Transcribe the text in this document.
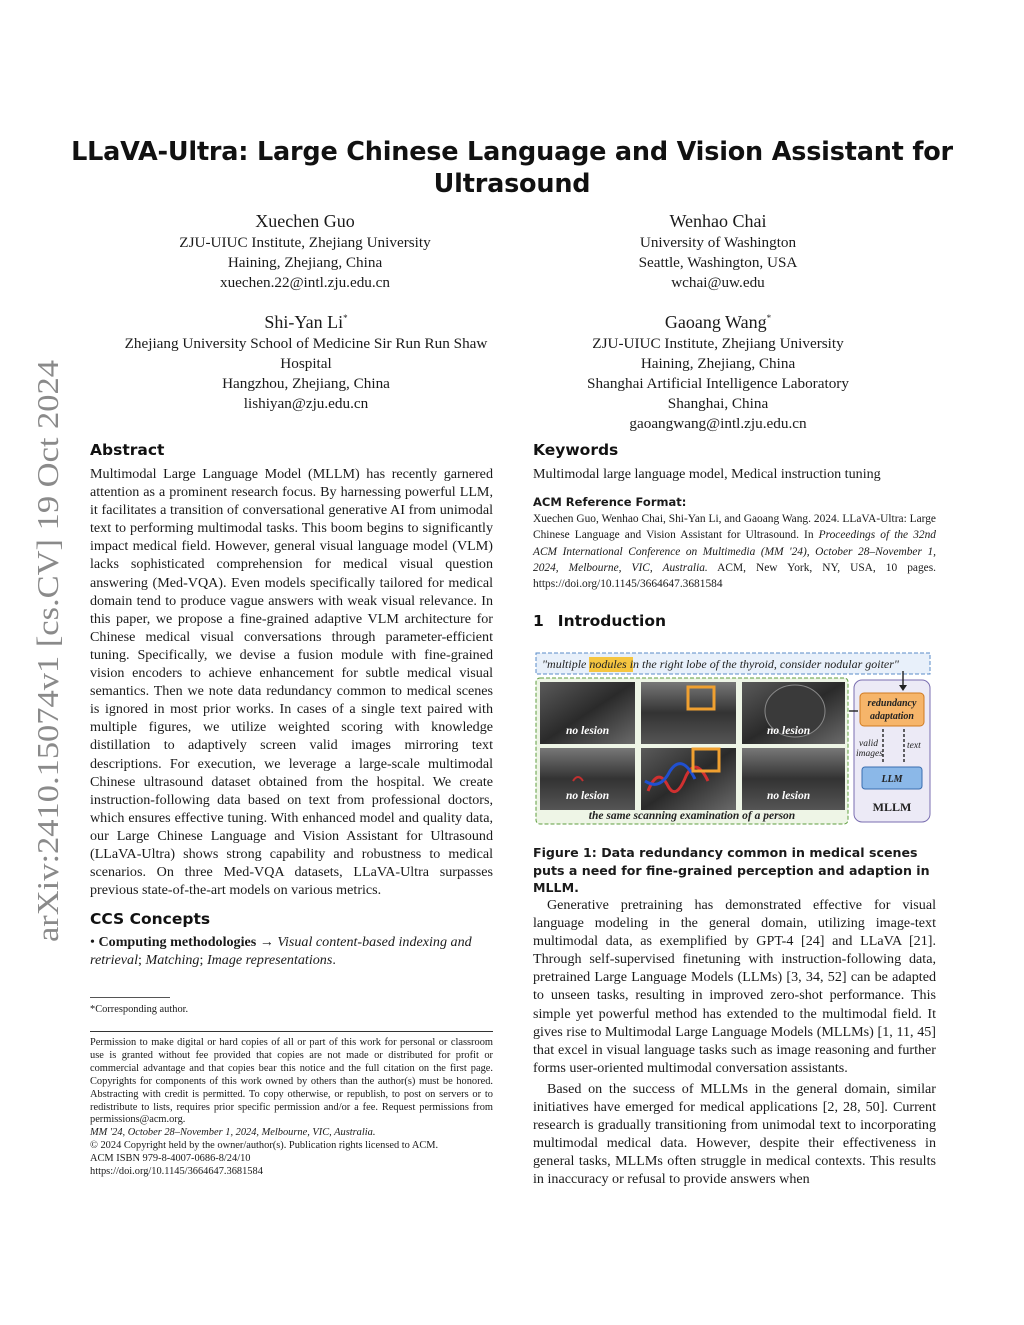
arXiv:2410.15074v1 [cs.CV] 19 Oct 2024
LLaVA-Ultra: Large Chinese Language and Vision Assistant for Ultrasound
Xuechen Guo
ZJU-UIUC Institute, Zhejiang University
Haining, Zhejiang, China
xuechen.22@intl.zju.edu.cn
Wenhao Chai
University of Washington
Seattle, Washington, USA
wchai@uw.edu
Shi-Yan Li*
Zhejiang University School of Medicine Sir Run Run Shaw
Hospital
Hangzhou, Zhejiang, China
lishiyan@zju.edu.cn
Gaoang Wang*
ZJU-UIUC Institute, Zhejiang University
Haining, Zhejiang, China
Shanghai Artificial Intelligence Laboratory
Shanghai, China
gaoangwang@intl.zju.edu.cn
Abstract
Multimodal Large Language Model (MLLM) has recently garnered attention as a prominent research focus. By harnessing powerful LLM, it facilitates a transition of conversational generative AI from unimodal text to performing multimodal tasks. This boom begins to significantly impact medical field. However, general visual language model (VLM) lacks sophisticated comprehension for medical visual question answering (Med-VQA). Even models specifically tailored for medical domain tend to produce vague answers with weak visual relevance. In this paper, we propose a fine-grained adaptive VLM architecture for Chinese medical visual conversations through parameter-efficient tuning. Specifically, we devise a fusion module with fine-grained vision encoders to achieve enhancement for subtle medical visual semantics. Then we note data redundancy common to medical scenes is ignored in most prior works. In cases of a single text paired with multiple figures, we utilize weighted scoring with knowledge distillation to adaptively screen valid images mirroring text descriptions. For execution, we leverage a large-scale multimodal Chinese ultrasound dataset obtained from the hospital. We create instruction-following data based on text from professional doctors, which ensures effective tuning. With enhanced model and quality data, our Large Chinese Language and Vision Assistant for Ultrasound (LLaVA-Ultra) shows strong capability and robustness to medical scenarios. On three Med-VQA datasets, LLaVA-Ultra surpasses previous state-of-the-art models on various metrics.
CCS Concepts
• Computing methodologies → Visual content-based indexing and retrieval; Matching; Image representations.
*Corresponding author.
Permission to make digital or hard copies of all or part of this work for personal or classroom use is granted without fee provided that copies are not made or distributed for profit or commercial advantage and that copies bear this notice and the full citation on the first page. Copyrights for components of this work owned by others than the author(s) must be honored. Abstracting with credit is permitted. To copy otherwise, or republish, to post on servers or to redistribute to lists, requires prior specific permission and/or a fee. Request permissions from permissions@acm.org.
MM '24, October 28–November 1, 2024, Melbourne, VIC, Australia.
© 2024 Copyright held by the owner/author(s). Publication rights licensed to ACM.
ACM ISBN 979-8-4007-0686-8/24/10
https://doi.org/10.1145/3664647.3681584
Keywords
Multimodal large language model, Medical instruction tuning
ACM Reference Format:
Xuechen Guo, Wenhao Chai, Shi-Yan Li, and Gaoang Wang. 2024. LLaVA-Ultra: Large Chinese Language and Vision Assistant for Ultrasound. In Proceedings of the 32nd ACM International Conference on Multimedia (MM '24), October 28–November 1, 2024, Melbourne, VIC, Australia. ACM, New York, NY, USA, 10 pages. https://doi.org/10.1145/3664647.3681584
1 Introduction
"multiple nodules in the right lobe of the thyroid, consider nodular goiter"
no lesion	no lesion
no lesion	no lesion
the same scanning examination of a person
redundancy
adaptation
valid
images
text
LLM
MLLM
Figure 1: Data redundancy common in medical scenes puts a need for fine-grained perception and adaption in MLLM.
Generative pretraining has demonstrated effective for visual language modeling in the general domain, utilizing image-text multimodal data, as exemplified by GPT-4 [24] and LLaVA [21]. Through self-supervised finetuning with instruction-following data, pretrained Large Language Models (LLMs) [3, 34, 52] can be adapted to unseen tasks, resulting in improved zero-shot performance. This simple yet powerful method has extended to the multimodal field. It gives rise to Multimodal Large Language Models (MLLMs) [1, 11, 45] that excel in visual language tasks such as image reasoning and further forms user-oriented multimodal conversation assistants.
Based on the success of MLLMs in the general domain, similar initiatives have emerged for medical applications [2, 28, 50]. Current research is gradually transitioning from unimodal text to incorporating multimodal medical data. However, despite their effectiveness in general tasks, MLLMs often struggle in medical contexts. This results in inaccuracy or refusal to provide answers when
